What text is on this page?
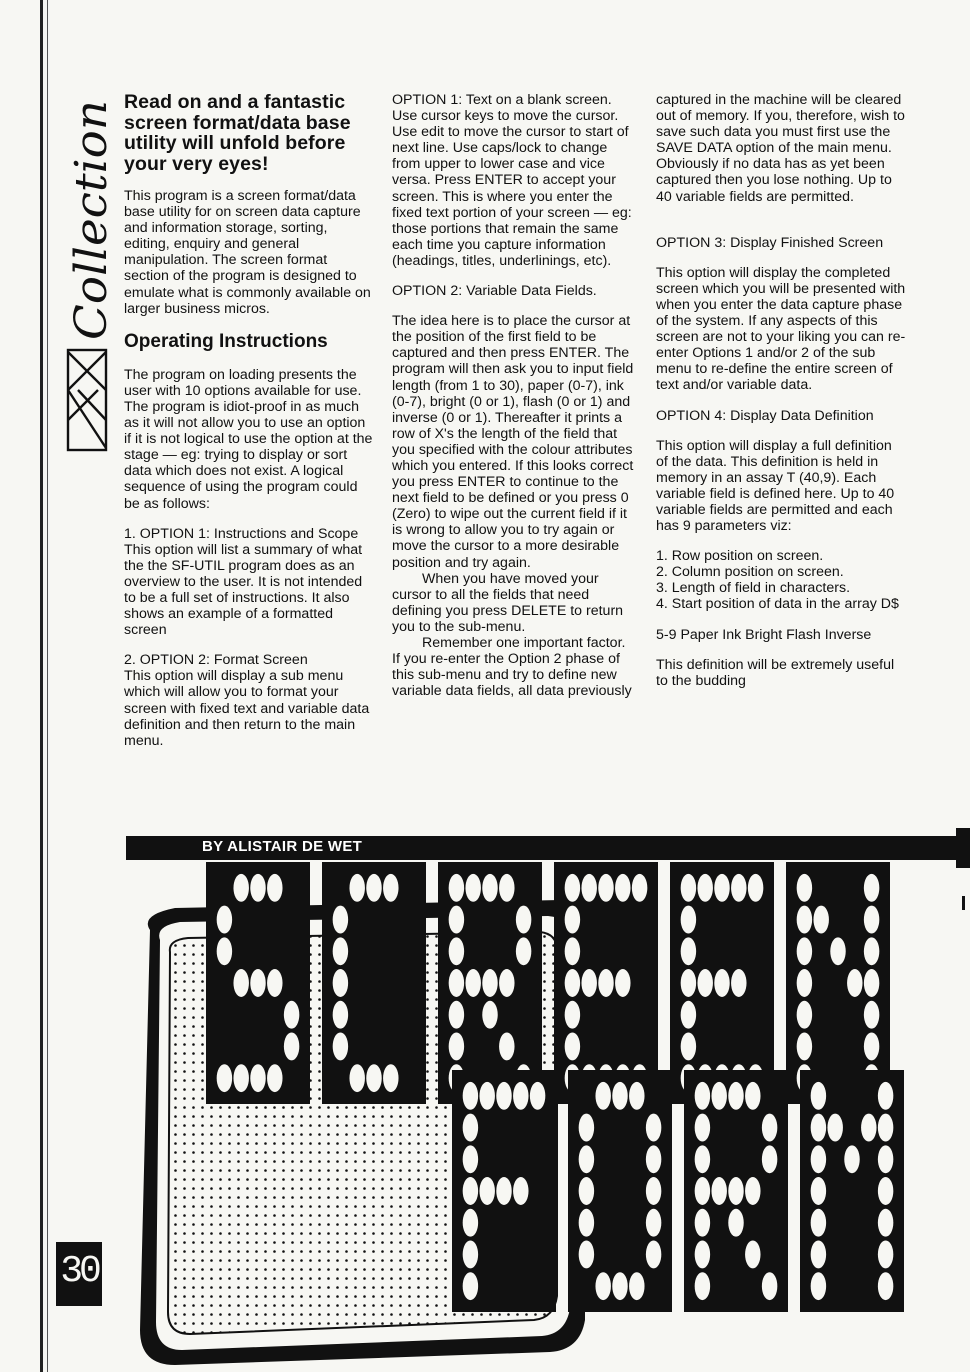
Collection

Read on and a fantastic screen format/data base utility will unfold before your very eyes!

This program is a screen format/data base utility for on screen data capture and information storage, sorting, editing, enquiry and general manipulation. The screen format section of the program is designed to emulate what is commonly available on larger business micros.

Operating Instructions

The program on loading presents the user with 10 options available for use. The program is idiot-proof in as much as it will not allow you to use an option if it is not logical to use the option at the stage — eg: trying to display or sort data which does not exist. A logical sequence of using the program could be as follows:

1. OPTION 1: Instructions and Scope

This option will list a summary of what the the SF-UTIL program does as an overview to the user. It is not intended to be a full set of instructions. It also shows an example of a formatted screen

2. OPTION 2: Format Screen

This option will display a sub menu which will allow you to format your screen with fixed text and variable data definition and then return to the main menu.

OPTION 1: Text on a blank screen.

Use cursor keys to move the cursor. Use edit to move the cursor to start of next line. Use caps/lock to change from upper to lower case and vice versa. Press ENTER to accept your screen. This is where you enter the fixed text portion of your screen — eg: those portions that remain the same each time you capture information (headings, titles, underlinings, etc).

OPTION 2: Variable Data Fields.

The idea here is to place the cursor at the position of the first field to be captured and then press ENTER. The program will then ask you to input field length (from 1 to 30), paper (0-7), ink (0-7), bright (0 or 1), flash (0 or 1) and inverse (0 or 1). Thereafter it prints a row of X's the length of the field that you specified with the colour attributes which you entered. If this looks correct you press ENTER to continue to the next field to be defined or you press 0 (Zero) to wipe out the current field if it is wrong to allow you to try again or move the cursor to a more desirable position and try again.

When you have moved your cursor to all the fields that need defining you press DELETE to return you to the sub-menu.

Remember one important factor. If you re-enter the Option 2 phase of this sub-menu and try to define new variable data fields, all data previously

captured in the machine will be cleared out of memory. If you, therefore, wish to save such data you must first use the SAVE DATA option of the main menu. Obviously if no data has as yet been captured then you lose nothing. Up to 40 variable fields are permitted.

OPTION 3: Display Finished Screen

This option will display the completed screen which you will be presented with when you enter the data capture phase of the system. If any aspects of this screen are not to your liking you can re-enter Options 1 and/or 2 of the sub menu to re-define the entire screen of text and/or variable data.

OPTION 4: Display Data Definition

This option will display a full definition of the data. This definition is held in memory in an assay T (40,9). Each variable field is defined here. Up to 40 variable fields are permitted and each has 9 parameters viz:

1. Row position on screen.
2. Column position on screen.
3. Length of field in characters.
4. Start position of data in the array D$

5-9 Paper Ink Bright Flash Inverse

This definition will be extremely useful to the budding

BY ALISTAIR DE WET
30
